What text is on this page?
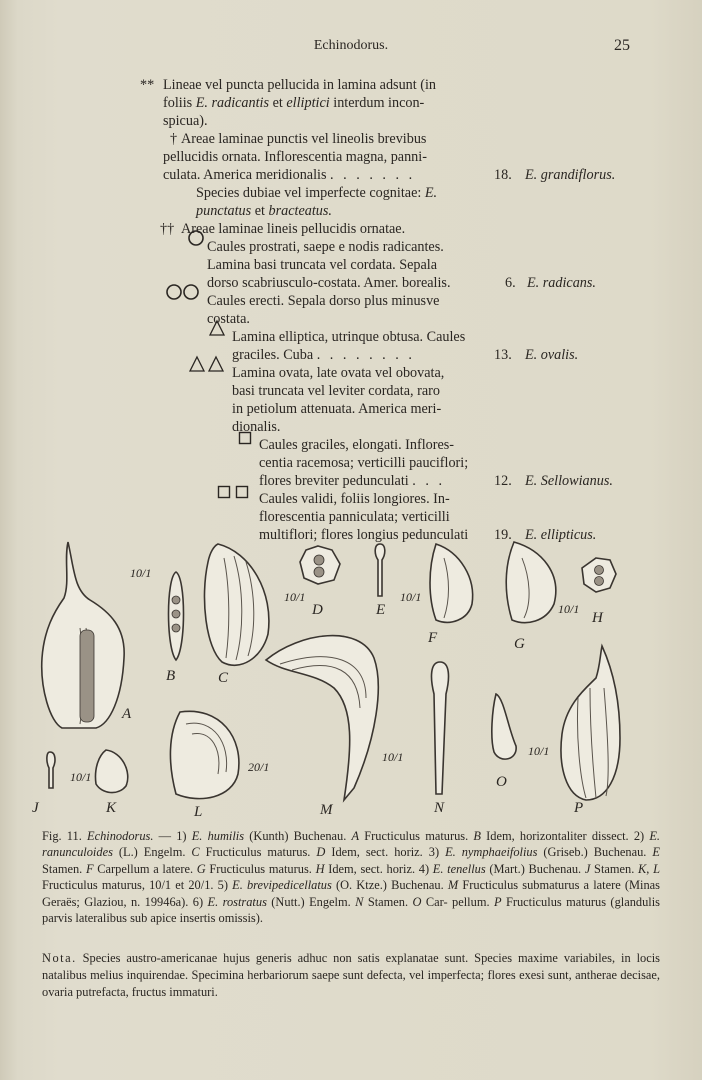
Echinodorus.	25
** Lineae vel puncta pellucida in lamina adsunt (in
foliis E. radicantis et elliptici interdum incon-
spicua).
† Areae laminae punctis vel lineolis brevibus
pellucidis ornata. Inflorescentia magna, panni-
culata. America meridionalis . . . . . . .	18. E. grandiflorus.
Species dubiae vel imperfecte cognitae: E.
punctatus et bracteatus.
†† Areae laminae lineis pellucidis ornatae.
Caules prostrati, saepe e nodis radicantes.
Lamina basi truncata vel cordata. Sepala
dorso scabriusculo-costata. Amer. borealis.	6. E. radicans.
Caules erecti. Sepala dorso plus minusve
costata.
Lamina elliptica, utrinque obtusa. Caules
graciles. Cuba . . . . . . . .	13. E. ovalis.
Lamina ovata, late ovata vel obovata,
basi truncata vel leviter cordata, raro
in petiolum attenuata. America meri-
dionalis.
Caules graciles, elongati. Inflores-
centia racemosa; verticilli pauciflori;
flores breviter pedunculati . . .	12. E. Sellowianus.
Caules validi, foliis longiores. In-
florescentia panniculata; verticilli
multiflori; flores longius pedunculati 19. E. ellipticus.
A
B	C
D	E
F	G
H
J	K	L	M	N
O
P
10/1
10/1	10/1
10/1
10/1
20/1
10/1	10/1
Fig. 11. Echinodorus. — 1) E. humilis (Kunth) Buchenau. A Fructiculus maturus. B Idem, horizontaliter dissect. 2) E. ranunculoides (L.) Engelm. C Fructiculus maturus. D Idem, sect. horiz. 3) E. nymphaeifolius (Griseb.) Buchenau. E Stamen. F Carpellum a latere. G Fructiculus maturus. H Idem, sect. horiz. 4) E. tenellus (Mart.) Buchenau. J Stamen. K, L Fructiculus maturus, 10/1 et 20/1. 5) E. brevipedicellatus (O. Ktze.) Buchenau. M Fructiculus submaturus a latere (Minas Geraës; Glaziou, n. 19946a). 6) E. rostratus (Nutt.) Engelm. N Stamen. O Car- pellum. P Fructiculus maturus (glandulis parvis lateralibus sub apice insertis omissis).
Nota. Species austro-americanae hujus generis adhuc non satis explanatae sunt. Species maxime variabiles, in locis natalibus melius inquirendae. Specimina herbariorum saepe sunt defecta, vel imperfecta; flores exesi sunt, antherae decisae, ovaria putrefacta, fructus immaturi.
